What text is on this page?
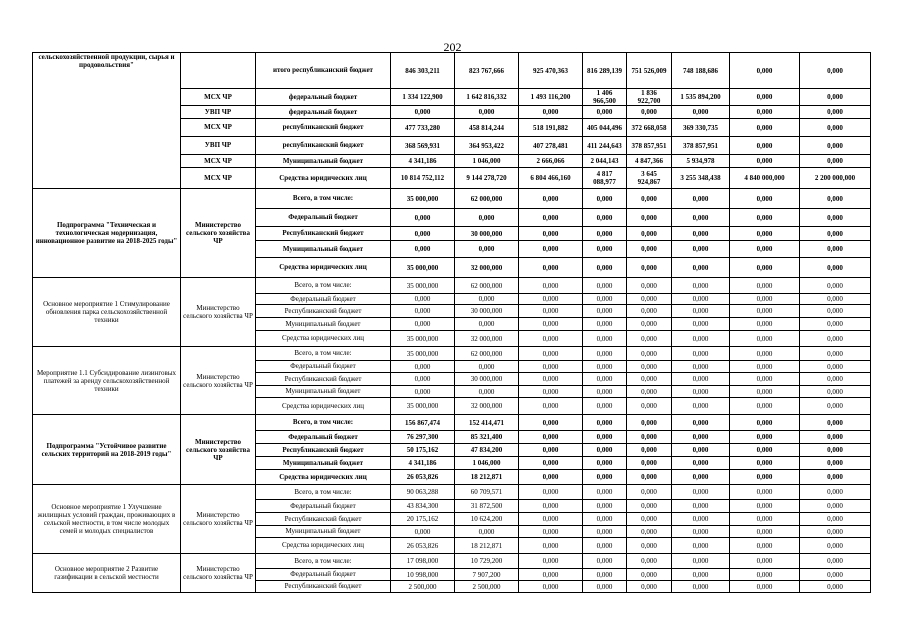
202
сельскохозяйственной продукции, сырья и продовольствия"		итого республиканский бюджет	846 303,211	823 767,666	925 470,363	816 289,139	751 526,009	748 188,686	0,000	0,000
	МСХ ЧР	федеральный бюджет	1 334 122,900	1 642 816,332	1 493 116,200	1 406 966,500	1 836 922,700	1 535 894,200	0,000	0,000
	УВП ЧР	федеральный бюджет	0,000	0,000	0,000	0,000	0,000	0,000	0,000	0,000
	МСХ ЧР	республиканский бюджет	477 733,280	458 814,244	518 191,882	405 044,496	372 668,058	369 330,735	0,000	0,000
	УВП ЧР	республиканский бюджет	368 569,931	364 953,422	407 278,481	411 244,643	378 857,951	378 857,951	0,000	0,000
	МСХ ЧР	Муниципальный бюджет	4 341,186	1 046,000	2 666,066	2 044,143	4 847,366	5 934,978	0,000	0,000
	МСХ ЧР	Средства юридических лиц	10 814 752,112	9 144 278,720	6 804 466,160	4 817 088,977	3 645 924,867	3 255 348,438	4 840 000,000	2 200 000,000
Подпрограмма "Техническая и технологическая модернизация, инновационное развитие на 2018-2025 годы"	Министерство сельского хозяйства ЧР	Всего, в том числе:	35 000,000	62 000,000	0,000	0,000	0,000	0,000	0,000	0,000
		Федеральный бюджет	0,000	0,000	0,000	0,000	0,000	0,000	0,000	0,000
		Республиканский бюджет	0,000	30 000,000	0,000	0,000	0,000	0,000	0,000	0,000
		Муниципальный бюджет	0,000	0,000	0,000	0,000	0,000	0,000	0,000	0,000
		Средства юридических лиц	35 000,000	32 000,000	0,000	0,000	0,000	0,000	0,000	0,000
Основное мероприятие 1 Стимулирование обновления парка сельскохозяйственной техники	Министерство сельского хозяйства ЧР	Всего, в том числе:	35 000,000	62 000,000	0,000	0,000	0,000	0,000	0,000	0,000
		Федеральный бюджет	0,000	0,000	0,000	0,000	0,000	0,000	0,000	0,000
		Республиканский бюджет	0,000	30 000,000	0,000	0,000	0,000	0,000	0,000	0,000
		Муниципальный бюджет	0,000	0,000	0,000	0,000	0,000	0,000	0,000	0,000
		Средства юридических лиц	35 000,000	32 000,000	0,000	0,000	0,000	0,000	0,000	0,000
Мероприятие 1.1 Субсидирование лизинговых платежей за аренду сельскохозяйственной техники	Министерство сельского хозяйства ЧР	Всего, в том числе:	35 000,000	62 000,000	0,000	0,000	0,000	0,000	0,000	0,000
		Федеральный бюджет	0,000	0,000	0,000	0,000	0,000	0,000	0,000	0,000
		Республиканский бюджет	0,000	30 000,000	0,000	0,000	0,000	0,000	0,000	0,000
		Муниципальный бюджет	0,000	0,000	0,000	0,000	0,000	0,000	0,000	0,000
		Средства юридических лиц	35 000,000	32 000,000	0,000	0,000	0,000	0,000	0,000	0,000
Подпрограмма "Устойчивое развитие сельских территорий на 2018-2019 годы"	Министерство сельского хозяйства ЧР	Всего, в том числе:	156 867,474	152 414,471	0,000	0,000	0,000	0,000	0,000	0,000
		Федеральный бюджет	76 297,300	85 321,400	0,000	0,000	0,000	0,000	0,000	0,000
		Республиканский бюджет	50 175,162	47 834,200	0,000	0,000	0,000	0,000	0,000	0,000
		Муниципальный бюджет	4 341,186	1 046,000	0,000	0,000	0,000	0,000	0,000	0,000
		Средства юридических лиц	26 053,826	18 212,871	0,000	0,000	0,000	0,000	0,000	0,000
Основное мероприятие 1 Улучшение жилищных условий граждан, проживающих в сельской местности, в том числе молодых семей и молодых специалистов	Министерство сельского хозяйства ЧР	Всего, в том числе:	90 063,288	60 709,571	0,000	0,000	0,000	0,000	0,000	0,000
		Федеральный бюджет	43 834,300	31 872,500	0,000	0,000	0,000	0,000	0,000	0,000
		Республиканский бюджет	20 175,162	10 624,200	0,000	0,000	0,000	0,000	0,000	0,000
		Муниципальный бюджет	0,000	0,000	0,000	0,000	0,000	0,000	0,000	0,000
		Средства юридических лиц	26 053,826	18 212,871	0,000	0,000	0,000	0,000	0,000	0,000
Основное мероприятие 2 Развитие газификации в сельской местности	Министерство сельского хозяйства ЧР	Всего, в том числе:	17 098,000	10 729,200	0,000	0,000	0,000	0,000	0,000	0,000
		Федеральный бюджет	10 998,000	7 907,200	0,000	0,000	0,000	0,000	0,000	0,000
		Республиканский бюджет	2 500,000	2 500,000	0,000	0,000	0,000	0,000	0,000	0,000
